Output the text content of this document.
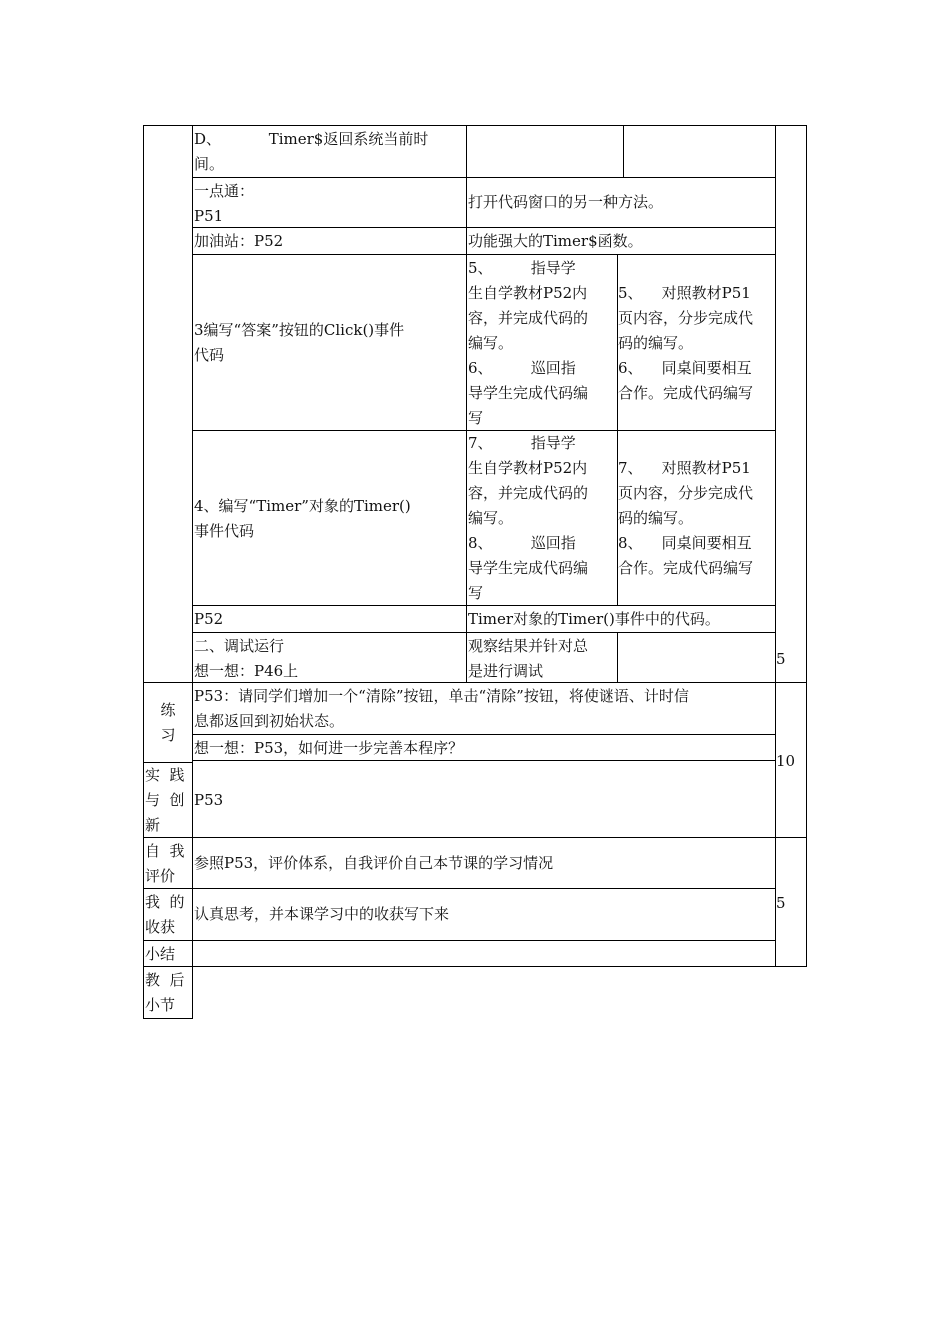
D、          Timer$返回系统当前时
间。
一点通：
P51
打开代码窗口的另一种方法。
加油站：P52	功能强大的Timer$函数。
3编写“答案”按钮的Click()事件
代码
5、        指导学
生自学教材P52内
容，并完成代码的
编写。
6、        巡回指
导学生完成代码编
写
5、    对照教材P51
页内容，分步完成代
码的编写。
6、    同桌间要相互
合作。完成代码编写
4、编写“Timer”对象的Timer()
事件代码
7、        指导学
生自学教材P52内
容，并完成代码的
编写。
8、        巡回指
导学生完成代码编
写
7、    对照教材P51
页内容，分步完成代
码的编写。
8、    同桌间要相互
合作。完成代码编写
P52	Timer对象的Timer()事件中的代码。
二、调试运行
想一想：P46上
观察结果并针对总
是进行调试
5
练
习
P53：请同学们增加一个“清除”按钮，单击“清除”按钮，将使谜语、计时信
息都返回到初始状态。
想一想：P53，如何进一步完善本程序？
10
实  践
与  创
新
P53
自  我
评价
参照P53，评价体系，自我评价自己本节课的学习情况
我  的
收获
认真思考，并本课学习中的收获写下来
5
小结
教  后
小节
